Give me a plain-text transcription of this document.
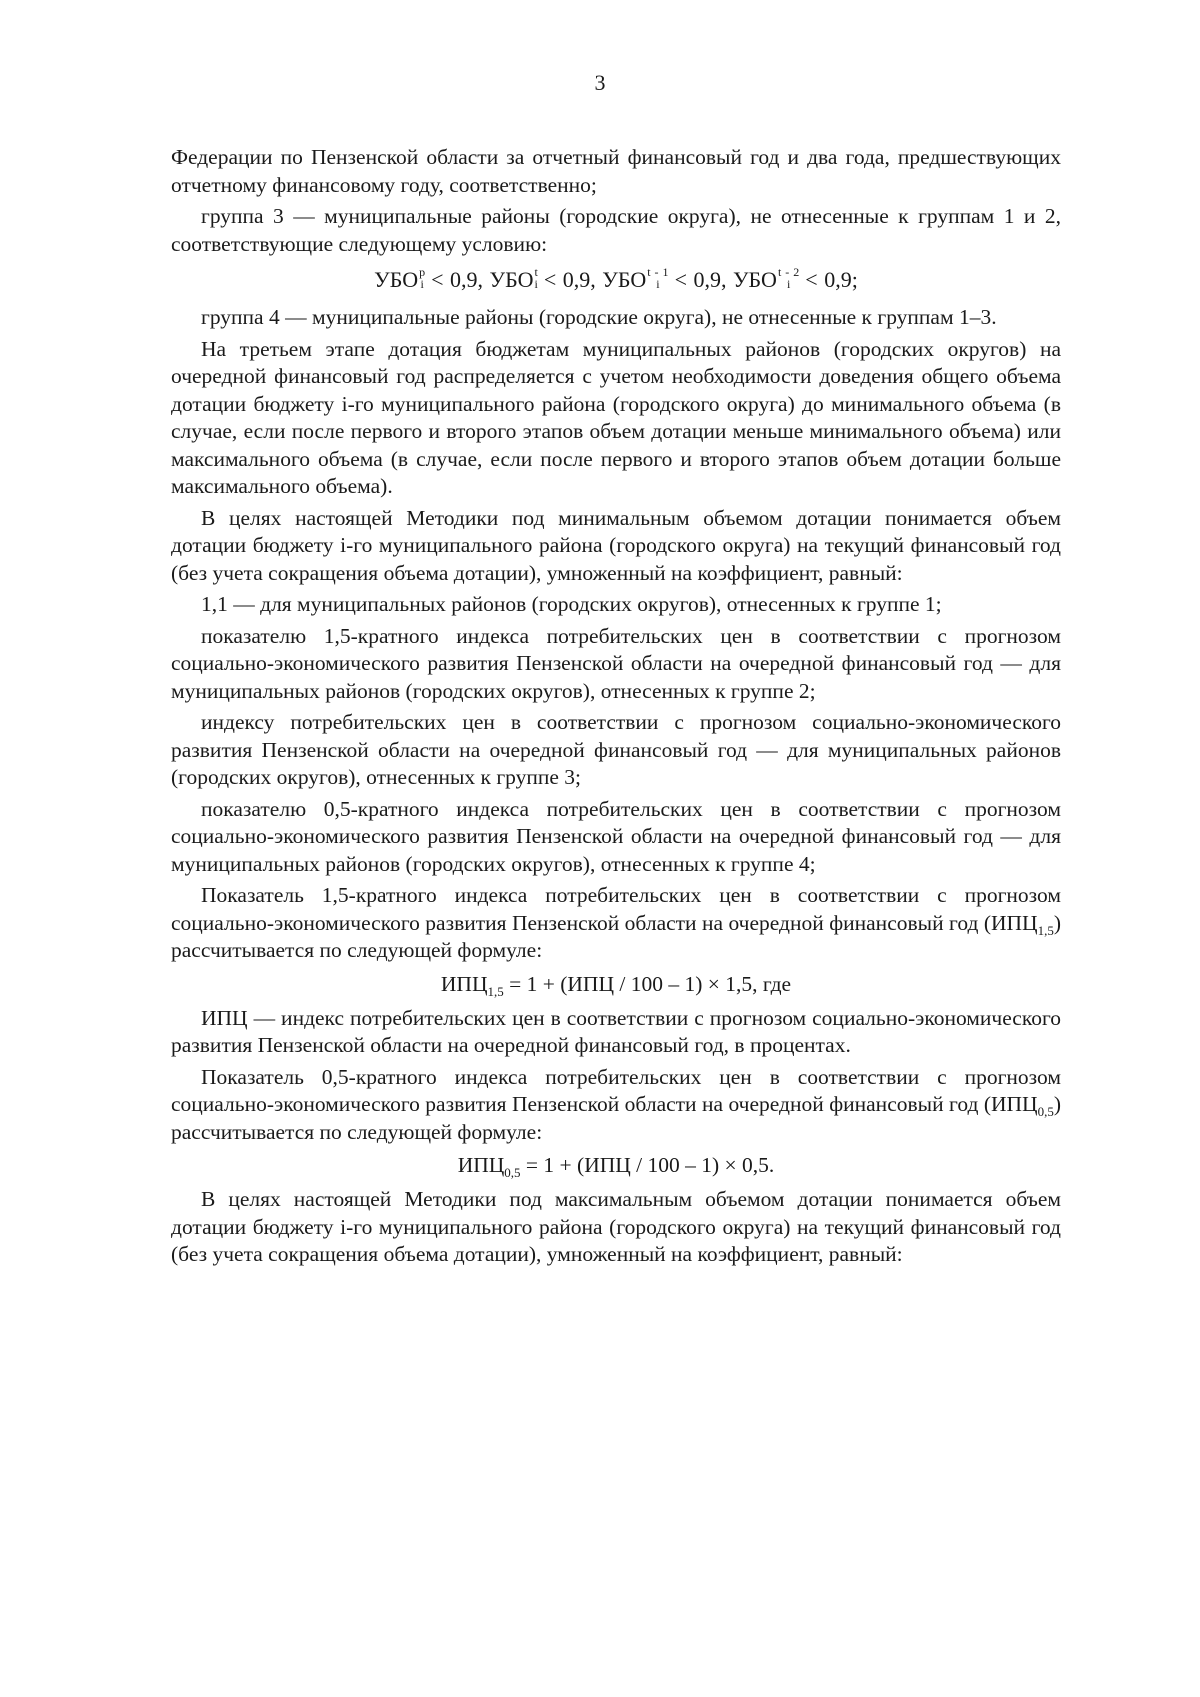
3

Федерации по Пензенской области за отчетный финансовый год и два года, предшествующих отчетному финансовому году, соответственно;

группа 3 — муниципальные районы (городские округа), не отнесенные к группам 1 и 2, соответствующие следующему условию:

УБО p
i < 0,9, УБО t
i < 0,9, УБО t - 1
i < 0,9, УБО t - 2
i < 0,9;

группа 4 — муниципальные районы (городские округа), не отнесенные к группам 1–3.

На третьем этапе дотация бюджетам муниципальных районов (городских округов) на очередной финансовый год распределяется с учетом необходимости доведения общего объема дотации бюджету i-го муниципального района (городского округа) до минимального объема (в случае, если после первого и второго этапов объем дотации меньше минимального объема) или максимального объема (в случае, если после первого и второго этапов объем дотации больше максимального объема).

В целях настоящей Методики под минимальным объемом дотации понимается объем дотации бюджету i-го муниципального района (городского округа) на текущий финансовый год (без учета сокращения объема дотации), умноженный на коэффициент, равный:

1,1 — для муниципальных районов (городских округов), отнесенных к группе 1;

показателю 1,5-кратного индекса потребительских цен в соответствии с прогнозом социально-экономического развития Пензенской области на очередной финансовый год — для муниципальных районов (городских округов), отнесенных к группе 2;

индексу потребительских цен в соответствии с прогнозом социально-экономического развития Пензенской области на очередной финансовый год — для муниципальных районов (городских округов), отнесенных к группе 3;

показателю 0,5-кратного индекса потребительских цен в соответствии с прогнозом социально-экономического развития Пензенской области на очередной финансовый год — для муниципальных районов (городских округов), отнесенных к группе 4;

Показатель 1,5-кратного индекса потребительских цен в соответствии с прогнозом социально-экономического развития Пензенской области на очередной финансовый год $(ИПЦ_{1,5})$ рассчитывается по следующей формуле:

$ИПЦ_{1,5} = 1 + (ИПЦ / 100 - 1) \times 1,5$, где

ИПЦ — индекс потребительских цен в соответствии с прогнозом социально-экономического развития Пензенской области на очередной финансовый год, в процентах.

Показатель 0,5-кратного индекса потребительских цен в соответствии с прогнозом социально-экономического развития Пензенской области на очередной финансовый год $(ИПЦ_{0,5})$ рассчитывается по следующей формуле:

$ИПЦ_{0,5} = 1 + (ИПЦ / 100 - 1) \times 0,5$.

В целях настоящей Методики под максимальным объемом дотации понимается объем дотации бюджету i-го муниципального района (городского округа) на текущий финансовый год (без учета сокращения объема дотации), умноженный на коэффициент, равный:
